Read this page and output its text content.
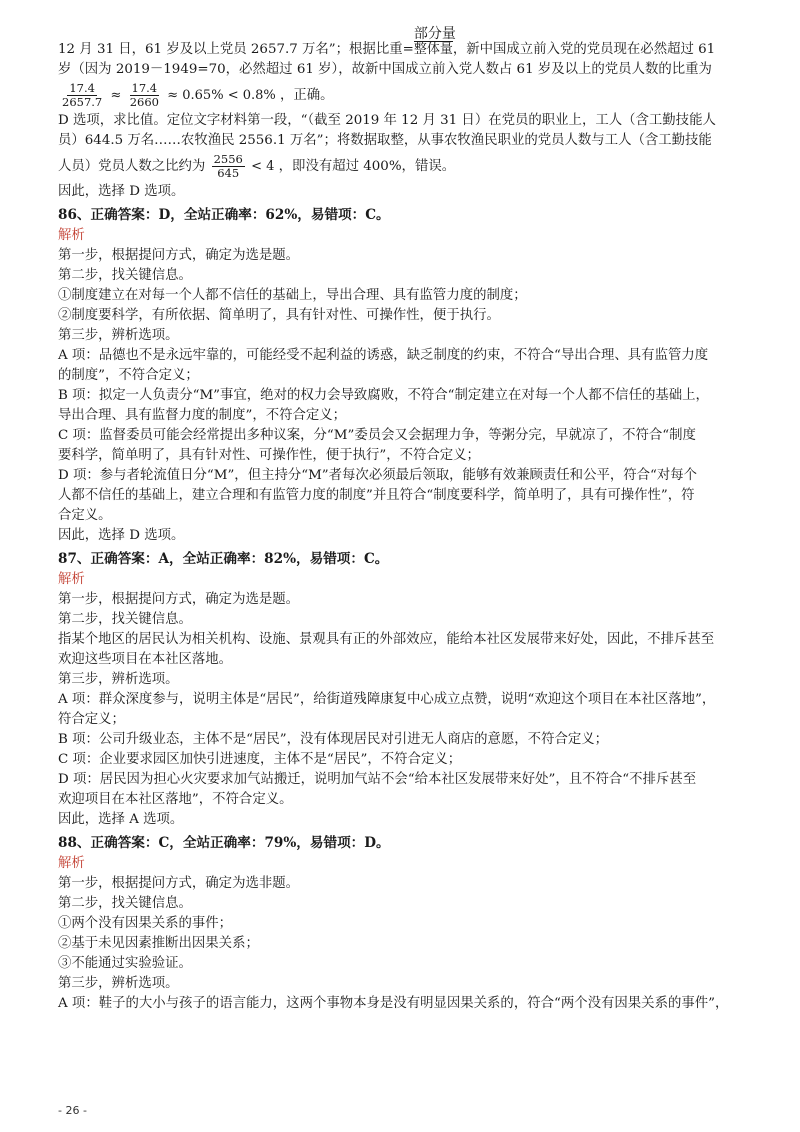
12 月 31 日，61 岁及以上党员 2657.7 万名”；根据比重=
部分量
整体量，新中国成立前入党的党员现在必然超过 61
岁（因为 2019－1949=70，必然超过 61 岁），故新中国成立前入党人数占 61 岁及以上的党员人数的比重为
$\frac{17.4}{2657.7} \approx \frac{17.4}{2660} \approx 0.65\% < 0.8\%$ ，正确。
D 选项，求比值。定位文字材料第一段，“（截至 2019 年 12 月 31 日）在党员的职业上，工人（含工勤技能人
员）644.5 万名……农牧渔民 2556.1 万名”；将数据取整，从事农牧渔民职业的党员人数与工人（含工勤技能
人员）党员人数之比约为 $\frac{2556}{645} < 4$ ，即没有超过 400%，错误。
因此，选择 D 选项。
86、正确答案：D，全站正确率：62%，易错项：C。
解析
第一步，根据提问方式，确定为选是题。
第二步，找关键信息。
①制度建立在对每一个人都不信任的基础上，导出合理、具有监管力度的制度；
②制度要科学，有所依据、简单明了，具有针对性、可操作性，便于执行。
第三步，辨析选项。
A 项：品德也不是永远牢靠的，可能经受不起利益的诱惑，缺乏制度的约束，不符合“导出合理、具有监管力度
的制度”，不符合定义；
B 项：拟定一人负责分“M”事宜，绝对的权力会导致腐败，不符合“制定建立在对每一个人都不信任的基础上，
导出合理、具有监督力度的制度”，不符合定义；
C 项：监督委员可能会经常提出多种议案，分“M”委员会又会据理力争，等粥分完，早就凉了，不符合“制度
要科学，简单明了，具有针对性、可操作性，便于执行”，不符合定义；
D 项：参与者轮流值日分“M”，但主持分“M”者每次必须最后领取，能够有效兼顾责任和公平，符合“对每个
人都不信任的基础上，建立合理和有监管力度的制度”并且符合“制度要科学，简单明了，具有可操作性”，符
合定义。
因此，选择 D 选项。
87、正确答案：A，全站正确率：82%，易错项：C。
解析
第一步，根据提问方式，确定为选是题。
第二步，找关键信息。
指某个地区的居民认为相关机构、设施、景观具有正的外部效应，能给本社区发展带来好处，因此，不排斥甚至
欢迎这些项目在本社区落地。
第三步，辨析选项。
A 项：群众深度参与，说明主体是“居民”，给街道残障康复中心成立点赞，说明“欢迎这个项目在本社区落地”，
符合定义；
B 项：公司升级业态，主体不是“居民”，没有体现居民对引进无人商店的意愿，不符合定义；
C 项：企业要求园区加快引进速度，主体不是“居民”，不符合定义；
D 项：居民因为担心火灾要求加气站搬迁，说明加气站不会“给本社区发展带来好处”，且不符合“不排斥甚至
欢迎项目在本社区落地”，不符合定义。
因此，选择 A 选项。
88、正确答案：C，全站正确率：79%，易错项：D。
解析
第一步，根据提问方式，确定为选非题。
第二步，找关键信息。
①两个没有因果关系的事件；
②基于未见因素推断出因果关系；
③不能通过实验验证。
第三步，辨析选项。
A 项：鞋子的大小与孩子的语言能力，这两个事物本身是没有明显因果关系的，符合“两个没有因果关系的事件”，
- 26 -
